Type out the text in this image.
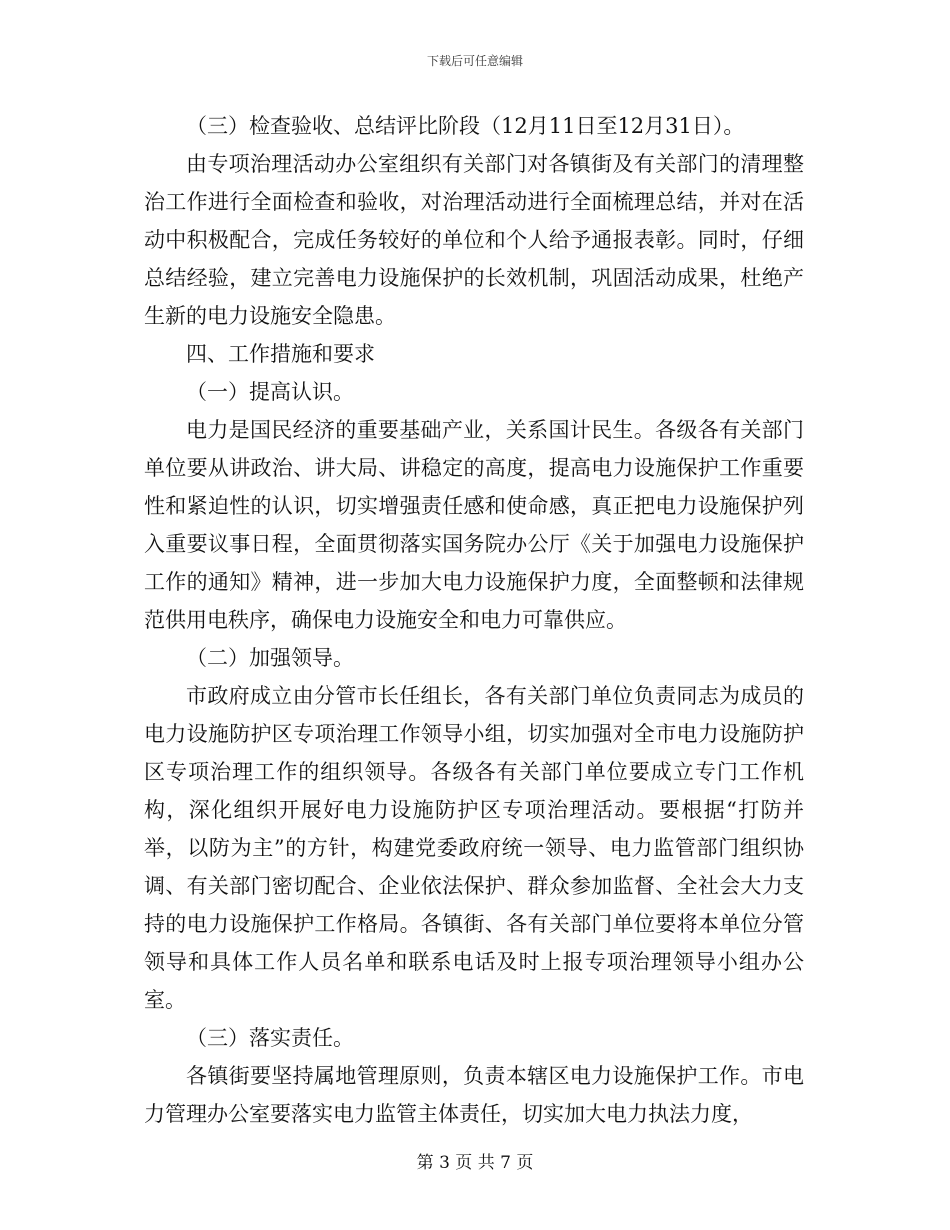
下载后可任意编辑

（三）检查验收、总结评比阶段（12月11日至12月31日）。

由专项治理活动办公室组织有关部门对各镇街及有关部门的清理整治工作进行全面检查和验收，对治理活动进行全面梳理总结，并对在活动中积极配合，完成任务较好的单位和个人给予通报表彰。同时，仔细总结经验，建立完善电力设施保护的长效机制，巩固活动成果，杜绝产生新的电力设施安全隐患。

四、工作措施和要求

（一）提高认识。

电力是国民经济的重要基础产业，关系国计民生。各级各有关部门单位要从讲政治、讲大局、讲稳定的高度，提高电力设施保护工作重要性和紧迫性的认识，切实增强责任感和使命感，真正把电力设施保护列入重要议事日程，全面贯彻落实国务院办公厅《关于加强电力设施保护工作的通知》精神，进一步加大电力设施保护力度，全面整顿和法律规范供用电秩序，确保电力设施安全和电力可靠供应。

（二）加强领导。

市政府成立由分管市长任组长，各有关部门单位负责同志为成员的电力设施防护区专项治理工作领导小组，切实加强对全市电力设施防护区专项治理工作的组织领导。各级各有关部门单位要成立专门工作机构，深化组织开展好电力设施防护区专项治理活动。要根据“打防并举，以防为主”的方针，构建党委政府统一领导、电力监管部门组织协调、有关部门密切配合、企业依法保护、群众参加监督、全社会大力支持的电力设施保护工作格局。各镇街、各有关部门单位要将本单位分管领导和具体工作人员名单和联系电话及时上报专项治理领导小组办公室。

（三）落实责任。

各镇街要坚持属地管理原则，负责本辖区电力设施保护工作。市电力管理办公室要落实电力监管主体责任，切实加大电力执法力度，

第 3 页 共 7 页
